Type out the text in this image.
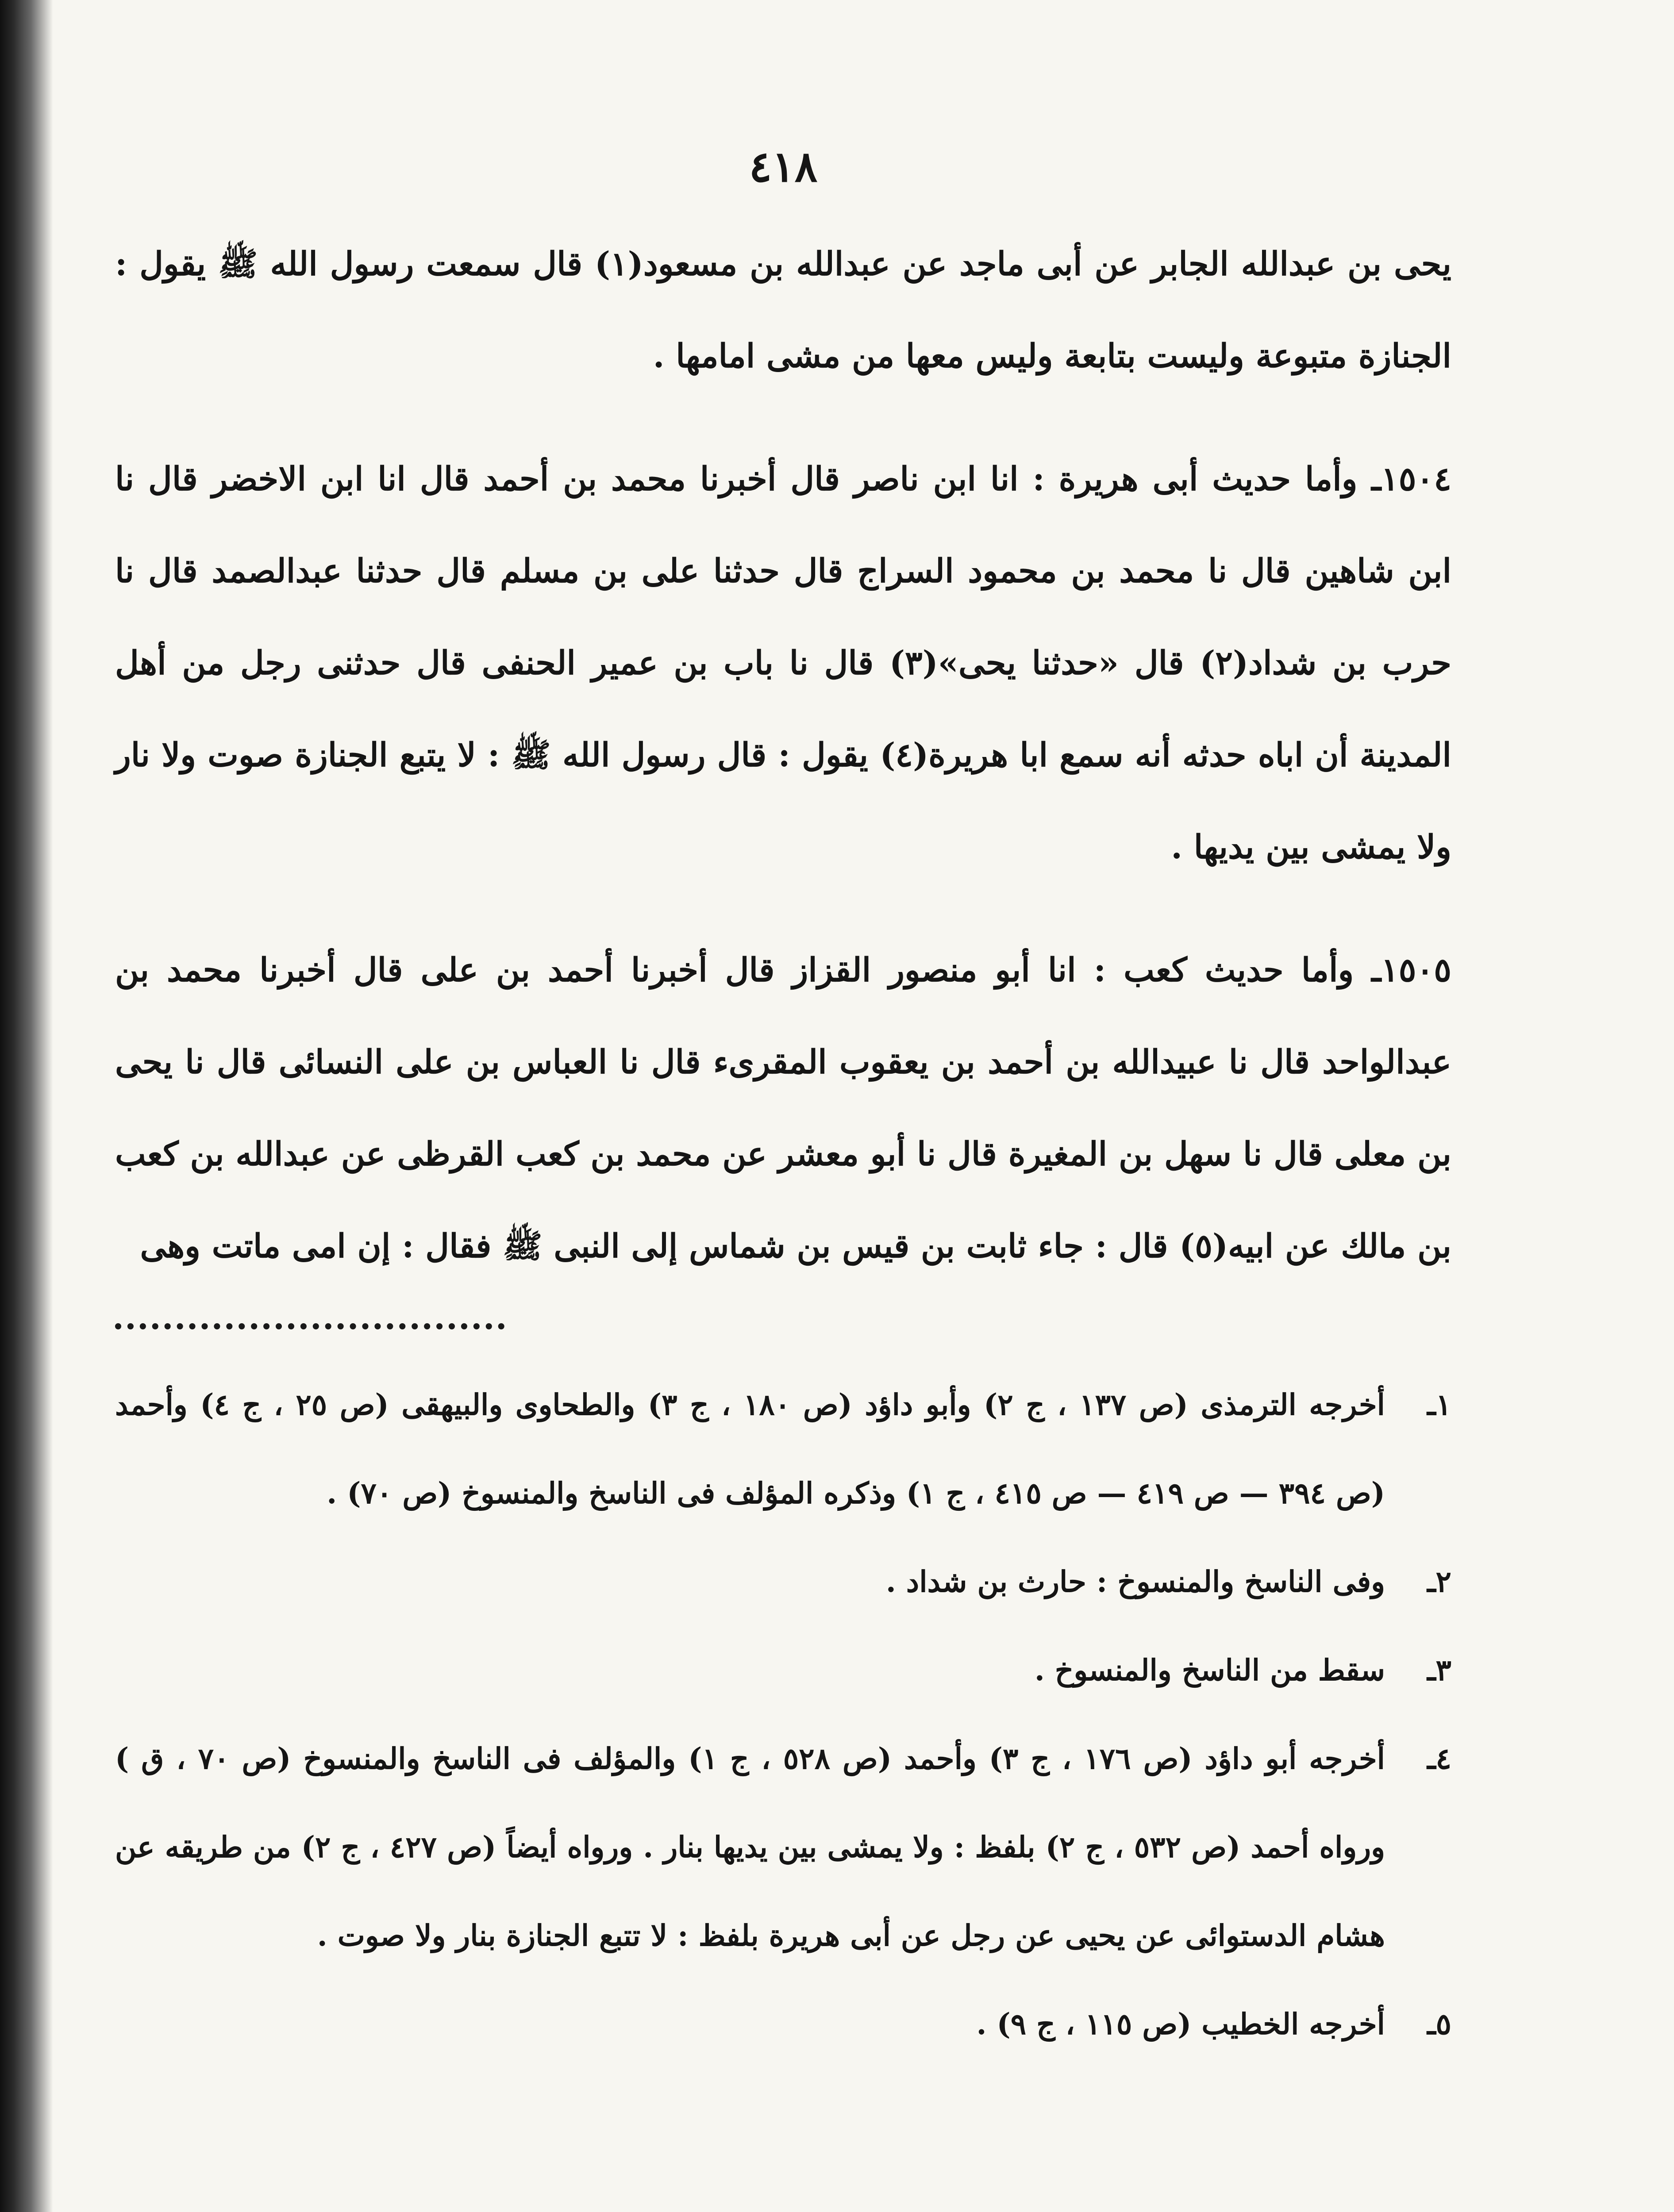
٤١٨

يحى بن عبدالله الجابر عن أبى ماجد عن عبدالله بن مسعود(١) قال سمعت رسول الله ﷺ يقول : الجنازة متبوعة وليست بتابعة وليس معها من مشى امامها .

١٥٠٤ـ وأما حديث أبى هريرة : انا ابن ناصر قال أخبرنا محمد بن أحمد قال انا ابن الاخضر قال نا ابن شاهين قال نا محمد بن محمود السراج قال حدثنا على بن مسلم قال حدثنا عبدالصمد قال نا حرب بن شداد(٢) قال «حدثنا يحى»(٣) قال نا باب بن عمير الحنفى قال حدثنى رجل من أهل المدينة أن اباه حدثه أنه سمع ابا هريرة(٤) يقول : قال رسول الله ﷺ : لا يتبع الجنازة صوت ولا نار ولا يمشى بين يديها .

١٥٠٥ـ وأما حديث كعب : انا أبو منصور القزاز قال أخبرنا أحمد بن على قال أخبرنا محمد بن عبدالواحد قال نا عبيدالله بن أحمد بن يعقوب المقرىء قال نا العباس بن على النسائى قال نا يحى بن معلى قال نا سهل بن المغيرة قال نا أبو معشر عن محمد بن كعب القرظى عن عبدالله بن كعب بن مالك عن ابيه(٥) قال : جاء ثابت بن قيس بن شماس إلى النبى ﷺ فقال : إن امى ماتت وهى

١ـ
أخرجه الترمذى (ص ١٣٧ ، ج ٢) وأبو داؤد (ص ١٨٠ ، ج ٣) والطحاوى والبيهقى (ص ٢٥ ، ج ٤) وأحمد (ص ٣٩٤ — ص ٤١٩ — ص ٤١٥ ، ج ١) وذكره المؤلف فى الناسخ والمنسوخ (ص ٧٠) .
٢ـ
وفى الناسخ والمنسوخ : حارث بن شداد .
٣ـ
سقط من الناسخ والمنسوخ .
٤ـ
أخرجه أبو داؤد (ص ١٧٦ ، ج ٣) وأحمد (ص ٥٢٨ ، ج ١) والمؤلف فى الناسخ والمنسوخ (ص ٧٠ ، ق ) ورواه أحمد (ص ٥٣٢ ، ج ٢) بلفظ : ولا يمشى بين يديها بنار . ورواه أيضاً (ص ٤٢٧ ، ج ٢) من طريقه عن هشام الدستوائى عن يحيى عن رجل عن أبى هريرة بلفظ : لا تتبع الجنازة بنار ولا صوت .
٥ـ
أخرجه الخطيب (ص ١١٥ ، ج ٩) .
